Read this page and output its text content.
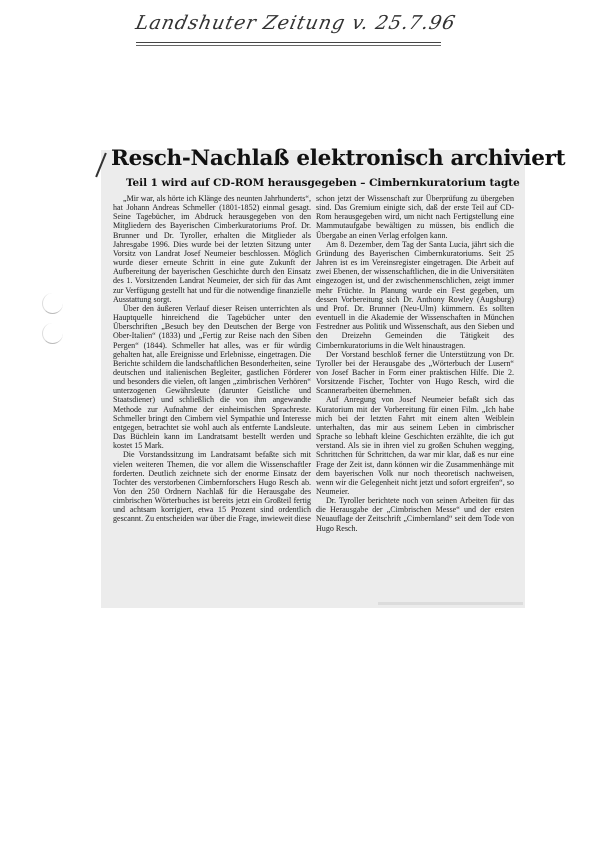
Landshuter Zeitung v. 25.7.96
Resch-Nachlaß elektronisch archiviert
Teil 1 wird auf CD-ROM herausgegeben – Cimbernkuratorium tagte

„Mir war, als hörte ich Klänge des neunten Jahrhunderts“, hat Johann Andreas Schmeller (1801-1852) einmal gesagt. Seine Tagebücher, im Abdruck herausgegeben von den Mitgliedern des Bayerischen Cimberkuratoriums Prof. Dr. Brunner und Dr. Tyroller, erhalten die Mitglieder als Jahresgabe 1996. Dies wurde bei der letzten Sitzung unter Vorsitz von Landrat Josef Neumeier beschlossen. Möglich wurde dieser erneute Schritt in eine gute Zukunft der Aufbereitung der bayerischen Geschichte durch den Einsatz des 1. Vorsitzenden Landrat Neumeier, der sich für das Amt zur Verfügung gestellt hat und für die notwendige finanzielle Ausstattung sorgt.

Über den äußeren Verlauf dieser Reisen unterrichten als Hauptquelle hinreichend die Tagebücher unter den Überschriften „Besuch bey den Deutschen der Berge von Ober-Italien“ (1833) und „Fertig zur Reise nach den Siben Pergen“ (1844). Schmeller hat alles, was er für würdig gehalten hat, alle Ereignisse und Erlebnisse, eingetragen. Die Berichte schildern die landschaftlichen Besonderheiten, seine deutschen und italienischen Begleiter, gastlichen Förderer und besonders die vielen, oft langen „zimbrischen Verhören“ unterzogenen Gewährsleute (darunter Geistliche und Staatsdiener) und schließlich die von ihm angewandte Methode zur Aufnahme der einheimischen Sprachreste. Schmeller bringt den Cimbern viel Sympathie und Interesse entgegen, betrachtet sie wohl auch als entfernte Landsleute. Das Büchlein kann im Landratsamt bestellt werden und kostet 15 Mark.

Die Vorstandssitzung im Landratsamt befaßte sich mit vielen weiteren Themen, die vor allem die Wissenschaftler forderten. Deutlich zeichnete sich der enorme Einsatz der Tochter des verstorbenen Cimbernforschers Hugo Resch ab. Von den 250 Ordnern Nachlaß für die Herausgabe des cimbrischen Wörterbuches ist bereits jetzt ein Großteil fertig und achtsam korrigiert, etwa 15 Prozent sind ordentlich gescannt. Zu entscheiden war über die Frage, inwieweit diese

schon jetzt der Wissenschaft zur Überprüfung zu übergeben sind. Das Gremium einigte sich, daß der erste Teil auf CD-Rom herausgegeben wird, um nicht nach Fertigstellung eine Mammutaufgabe bewältigen zu müssen, bis endlich die Übergabe an einen Verlag erfolgen kann.

Am 8. Dezember, dem Tag der Santa Lucia, jährt sich die Gründung des Bayerischen Cimbernkuratoriums. Seit 25 Jahren ist es im Vereinsregister eingetragen. Die Arbeit auf zwei Ebenen, der wissenschaftlichen, die in die Universitäten eingezogen ist, und der zwischenmenschlichen, zeigt immer mehr Früchte. In Planung wurde ein Fest gegeben, um dessen Vorbereitung sich Dr. Anthony Rowley (Augsburg) und Prof. Dr. Brunner (Neu-Ulm) kümmern. Es sollten eventuell in die Akademie der Wissenschaften in München Festredner aus Politik und Wissenschaft, aus den Sieben und den Dreizehn Gemeinden die Tätigkeit des Cimbernkuratoriums in die Welt hinaustragen.

Der Vorstand beschloß ferner die Unterstützung von Dr. Tyroller bei der Herausgabe des „Wörterbuch der Lusern“ von Josef Bacher in Form einer praktischen Hilfe. Die 2. Vorsitzende Fischer, Tochter von Hugo Resch, wird die Scannerarbeiten übernehmen.

Auf Anregung von Josef Neumeier befaßt sich das Kuratorium mit der Vorbereitung für einen Film. „Ich habe mich bei der letzten Fahrt mit einem alten Weiblein unterhalten, das mir aus seinem Leben in cimbrischer Sprache so lebhaft kleine Geschichten erzählte, die ich gut verstand. Als sie in ihren viel zu großen Schuhen wegging, Schrittchen für Schrittchen, da war mir klar, daß es nur eine Frage der Zeit ist, dann können wir die Zusammenhänge mit dem bayerischen Volk nur noch theoretisch nachweisen, wenn wir die Gelegenheit nicht jetzt und sofort ergreifen“, so Neumeier.

Dr. Tyroller berichtete noch von seinen Arbeiten für das die Herausgabe der „Cimbrischen Messe“ und der ersten Neuauflage der Zeitschrift „Cimbernland“ seit dem Tode von Hugo Resch.
